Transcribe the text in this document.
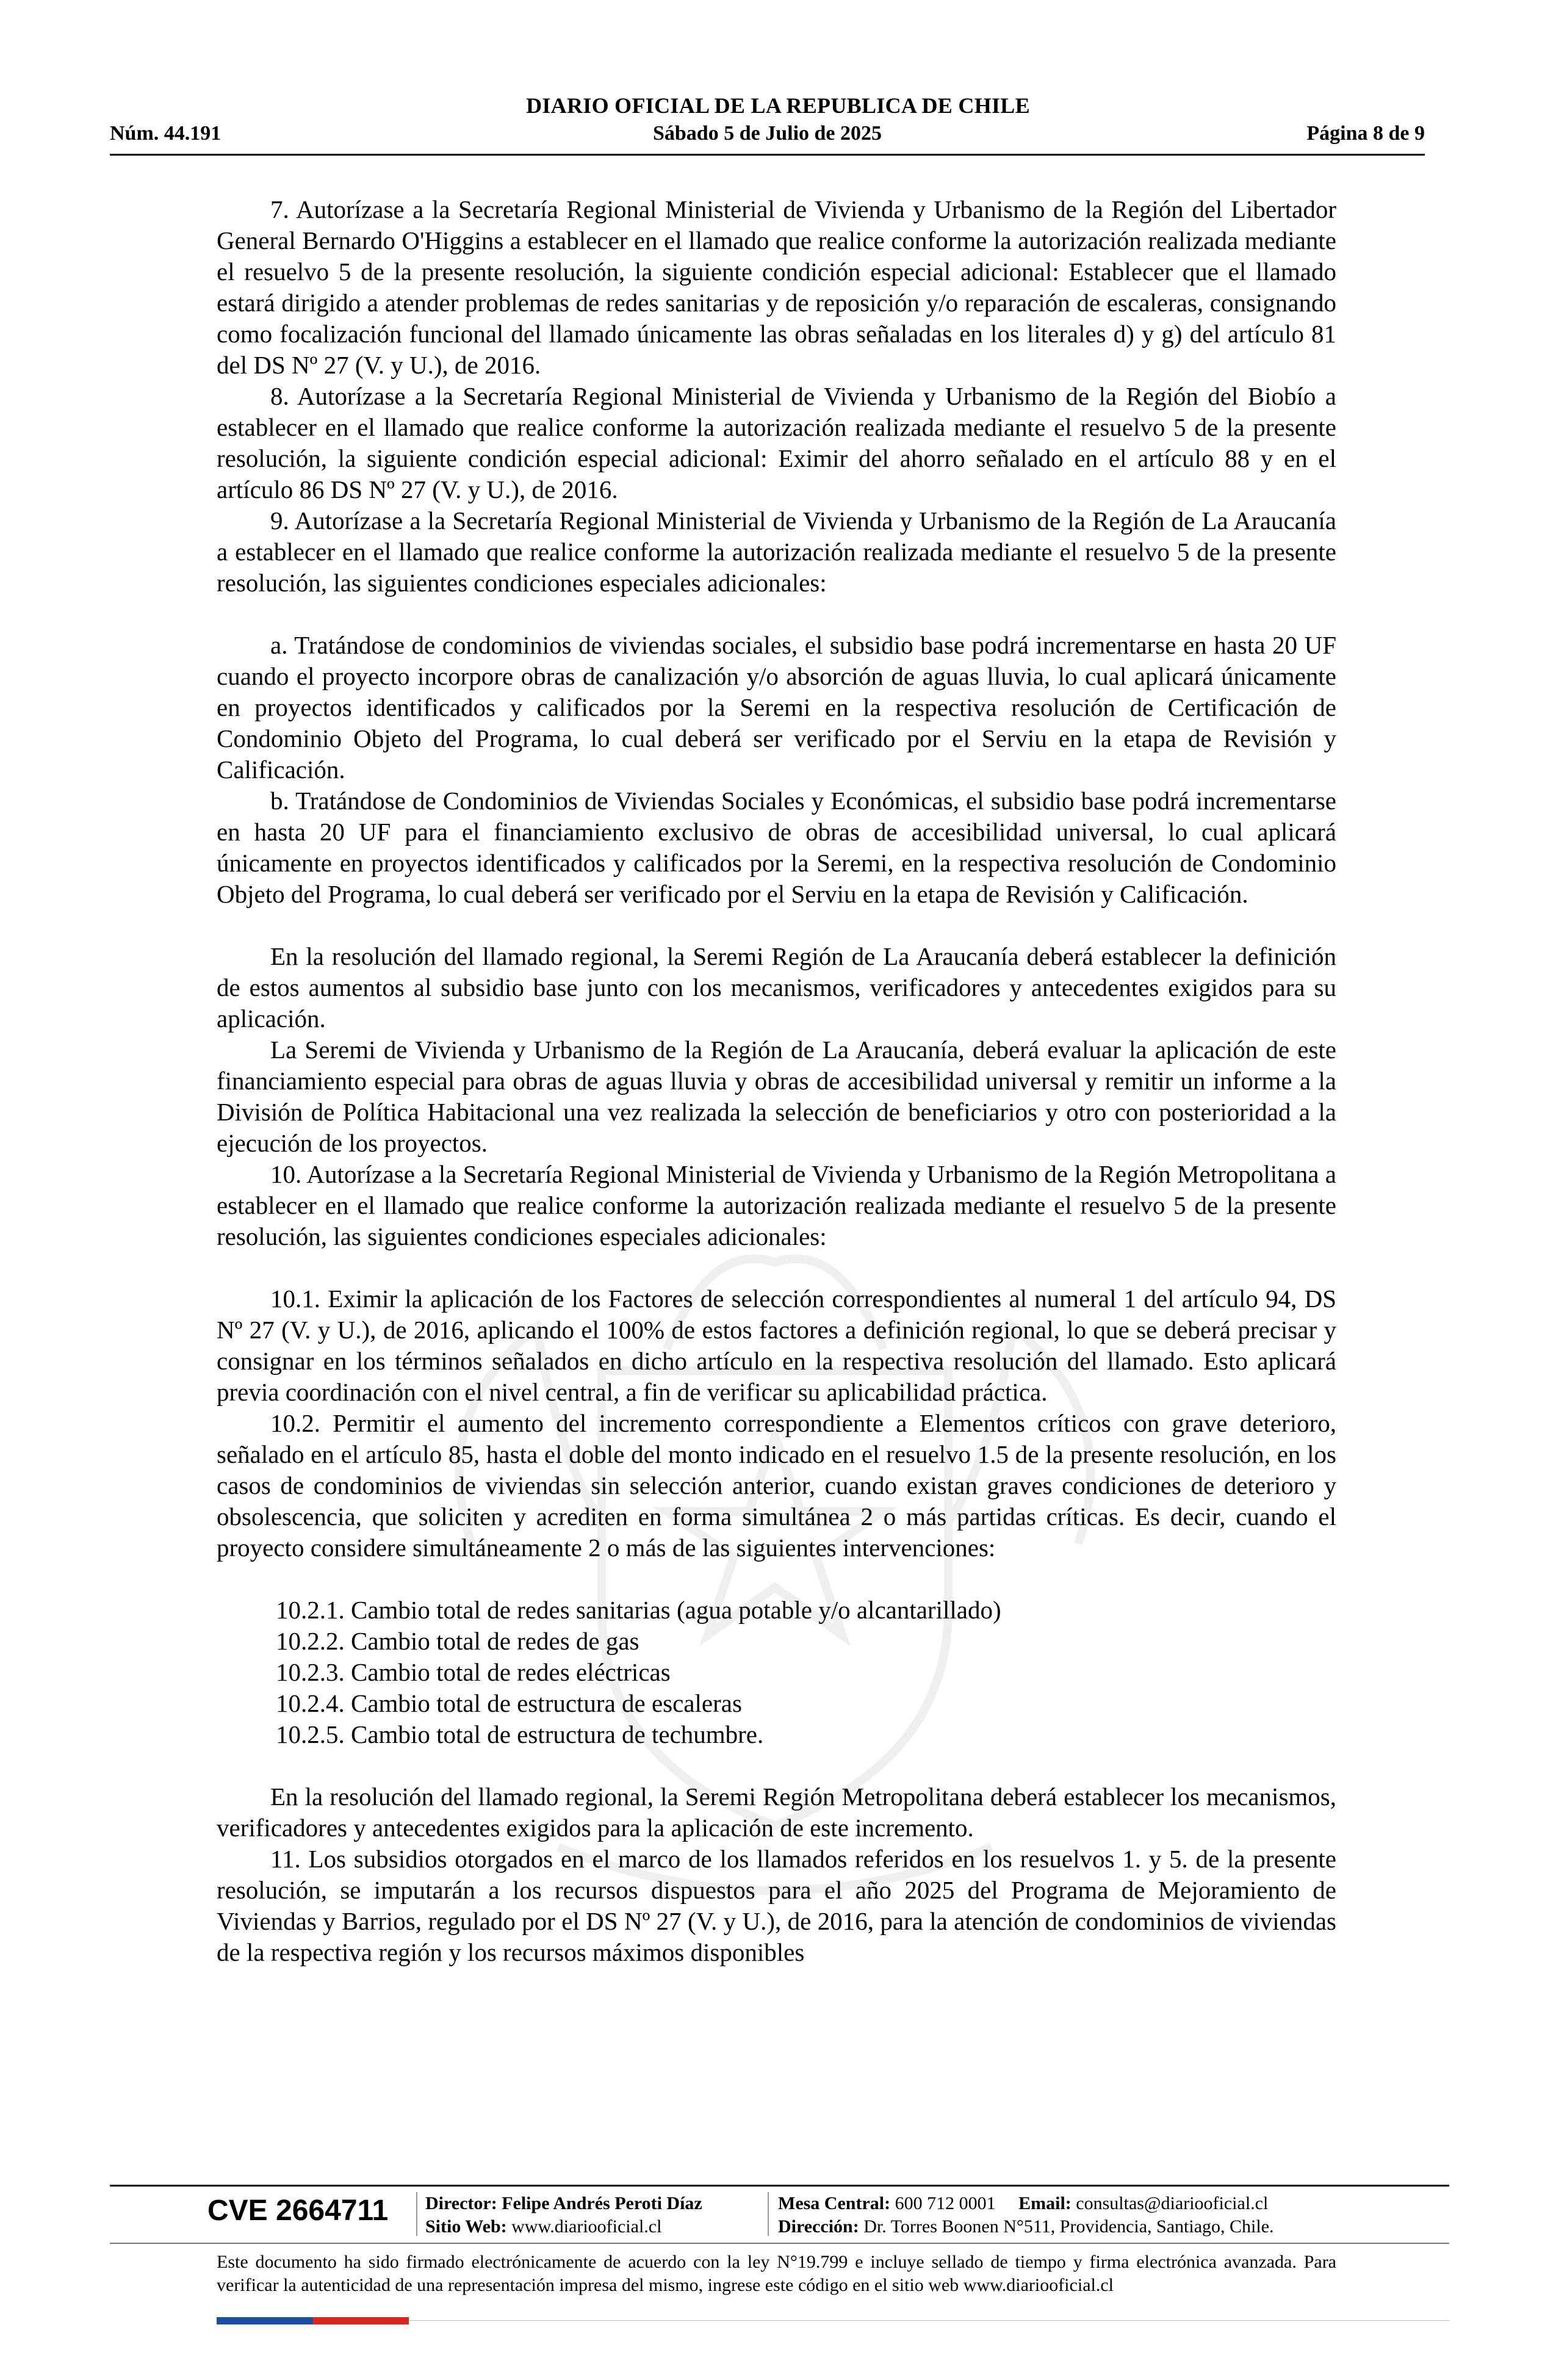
DIARIO OFICIAL DE LA REPUBLICA DE CHILE
Núm. 44.191	Sábado 5 de Julio de 2025	Página 8 de 9

7. Autorízase a la Secretaría Regional Ministerial de Vivienda y Urbanismo de la Región del Libertador General Bernardo O'Higgins a establecer en el llamado que realice conforme la autorización realizada mediante el resuelvo 5 de la presente resolución, la siguiente condición especial adicional: Establecer que el llamado estará dirigido a atender problemas de redes sanitarias y de reposición y/o reparación de escaleras, consignando como focalización funcional del llamado únicamente las obras señaladas en los literales d) y g) del artículo 81 del DS Nº 27 (V. y U.), de 2016.

8. Autorízase a la Secretaría Regional Ministerial de Vivienda y Urbanismo de la Región del Biobío a establecer en el llamado que realice conforme la autorización realizada mediante el resuelvo 5 de la presente resolución, la siguiente condición especial adicional: Eximir del ahorro señalado en el artículo 88 y en el artículo 86 DS Nº 27 (V. y U.), de 2016.

9. Autorízase a la Secretaría Regional Ministerial de Vivienda y Urbanismo de la Región de La Araucanía a establecer en el llamado que realice conforme la autorización realizada mediante el resuelvo 5 de la presente resolución, las siguientes condiciones especiales adicionales:

a. Tratándose de condominios de viviendas sociales, el subsidio base podrá incrementarse en hasta 20 UF cuando el proyecto incorpore obras de canalización y/o absorción de aguas lluvia, lo cual aplicará únicamente en proyectos identificados y calificados por la Seremi en la respectiva resolución de Certificación de Condominio Objeto del Programa, lo cual deberá ser verificado por el Serviu en la etapa de Revisión y Calificación.

b. Tratándose de Condominios de Viviendas Sociales y Económicas, el subsidio base podrá incrementarse en hasta 20 UF para el financiamiento exclusivo de obras de accesibilidad universal, lo cual aplicará únicamente en proyectos identificados y calificados por la Seremi, en la respectiva resolución de Condominio Objeto del Programa, lo cual deberá ser verificado por el Serviu en la etapa de Revisión y Calificación.

En la resolución del llamado regional, la Seremi Región de La Araucanía deberá establecer la definición de estos aumentos al subsidio base junto con los mecanismos, verificadores y antecedentes exigidos para su aplicación.

La Seremi de Vivienda y Urbanismo de la Región de La Araucanía, deberá evaluar la aplicación de este financiamiento especial para obras de aguas lluvia y obras de accesibilidad universal y remitir un informe a la División de Política Habitacional una vez realizada la selección de beneficiarios y otro con posterioridad a la ejecución de los proyectos.

10. Autorízase a la Secretaría Regional Ministerial de Vivienda y Urbanismo de la Región Metropolitana a establecer en el llamado que realice conforme la autorización realizada mediante el resuelvo 5 de la presente resolución, las siguientes condiciones especiales adicionales:

10.1. Eximir la aplicación de los Factores de selección correspondientes al numeral 1 del artículo 94, DS Nº 27 (V. y U.), de 2016, aplicando el 100% de estos factores a definición regional, lo que se deberá precisar y consignar en los términos señalados en dicho artículo en la respectiva resolución del llamado. Esto aplicará previa coordinación con el nivel central, a fin de verificar su aplicabilidad práctica.

10.2. Permitir el aumento del incremento correspondiente a Elementos críticos con grave deterioro, señalado en el artículo 85, hasta el doble del monto indicado en el resuelvo 1.5 de la presente resolución, en los casos de condominios de viviendas sin selección anterior, cuando existan graves condiciones de deterioro y obsolescencia, que soliciten y acrediten en forma simultánea 2 o más partidas críticas. Es decir, cuando el proyecto considere simultáneamente 2 o más de las siguientes intervenciones:

10.2.1. Cambio total de redes sanitarias (agua potable y/o alcantarillado)

10.2.2. Cambio total de redes de gas

10.2.3. Cambio total de redes eléctricas

10.2.4. Cambio total de estructura de escaleras

10.2.5. Cambio total de estructura de techumbre.

En la resolución del llamado regional, la Seremi Región Metropolitana deberá establecer los mecanismos, verificadores y antecedentes exigidos para la aplicación de este incremento.

11. Los subsidios otorgados en el marco de los llamados referidos en los resuelvos 1. y 5. de la presente resolución, se imputarán a los recursos dispuestos para el año 2025 del Programa de Mejoramiento de Viviendas y Barrios, regulado por el DS Nº 27 (V. y U.), de 2016, para la atención de condominios de viviendas de la respectiva región y los recursos máximos disponibles

CVE 2664711 Director: Felipe Andrés Peroti Díaz
Sitio Web: www.diariooficial.cl
Mesa Central: 600 712 0001 Email: consultas@diariooficial.cl
Dirección: Dr. Torres Boonen N°511, Providencia, Santiago, Chile.
Este documento ha sido firmado electrónicamente de acuerdo con la ley N°19.799 e incluye sellado de tiempo y firma electrónica avanzada. Para verificar la autenticidad de una representación impresa del mismo, ingrese este código en el sitio web www.diariooficial.cl
